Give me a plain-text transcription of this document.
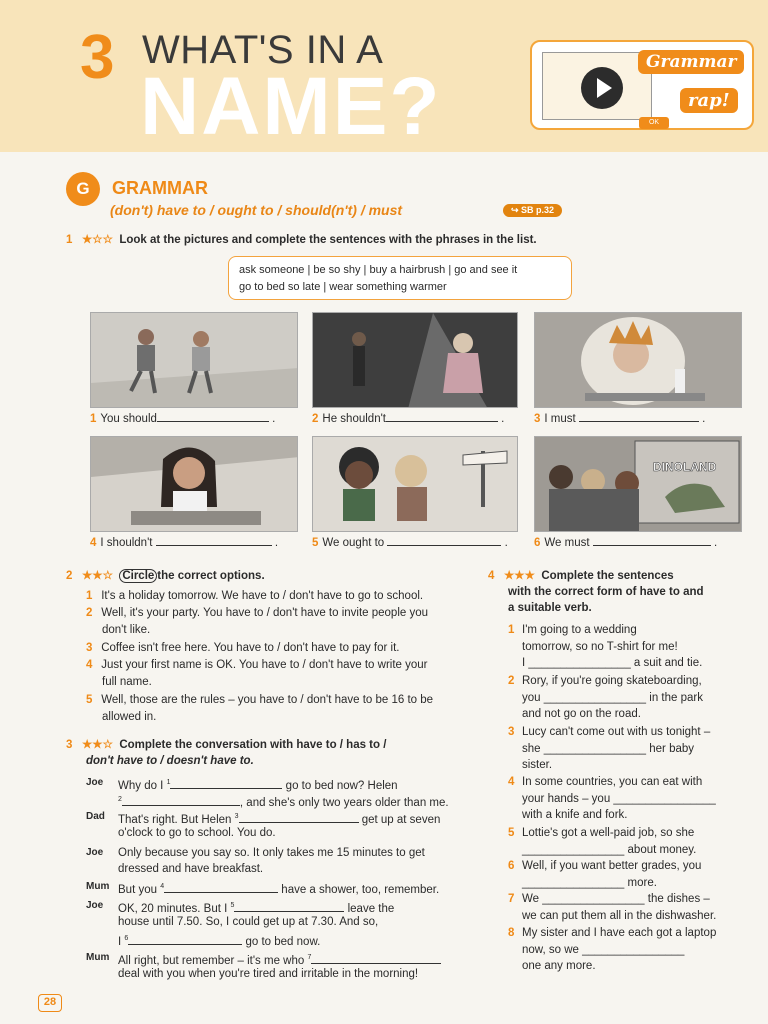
3 WHAT'S IN A
NAME?	OK
Grammar
rap!
G	GRAMMAR
(don't) have to / ought to / should(n't) / must	↪ SB p.32
1 ★☆☆ Look at the pictures and complete the sentences with the phrases in the list.
ask someone | be so shy | buy a hairbrush | go and see it
go to bed so late | wear something warmer
1 You should	.	2 He shouldn't	.	3 I must	.
DINOLAND
4 I shouldn't	.	5 We ought to	. 6 We must	.
2 ★★☆ Circle the correct options.
1 It's a holiday tomorrow. We have to / don't have to go to school.
2 Well, it's your party. You have to / don't have to invite people you
don't like.
3 Coffee isn't free here. You have to / don't have to pay for it.
4 Just your first name is OK. You have to / don't have to write your
full name.
5 Well, those are the rules – you have to / don't have to be 16 to be
allowed in.
3 ★★☆ Complete the conversation with have to / has to /
don't have to / doesn't have to.
Joe Why do I $^1$	go to bed now? Helen
$^2$	, and she's only two years older than me.
Dad That's right. But Helen $^3$	get up at seven
o'clock to go to school. You do.
Joe Only because you say so. It only takes me 15 minutes to get
dressed and have breakfast.
Mum But you $^4$	have a shower, too, remember.
Joe OK, 20 minutes. But I $^5$	leave the
house until 7.50. So, I could get up at 7.30. And so,
I $^6$	go to bed now.
Mum All right, but remember – it's me who $^7$
deal with you when you're tired and irritable in the morning!
4 ★★★ Complete the sentences
with the correct form of have to and
a suitable verb.
1 I'm going to a wedding
tomorrow, so no T-shirt for me!
I ________________ a suit and tie.
2 Rory, if you're going skateboarding,
you ________________ in the park
and not go on the road.
3 Lucy can't come out with us tonight –
she ________________ her baby
sister.
4 In some countries, you can eat with
your hands – you ________________
with a knife and fork.
5 Lottie's got a well-paid job, so she
________________ about money.
6 Well, if you want better grades, you
________________ more.
7 We ________________ the dishes –
we can put them all in the dishwasher.
8 My sister and I have each got a laptop
now, so we ________________
one any more.
28
